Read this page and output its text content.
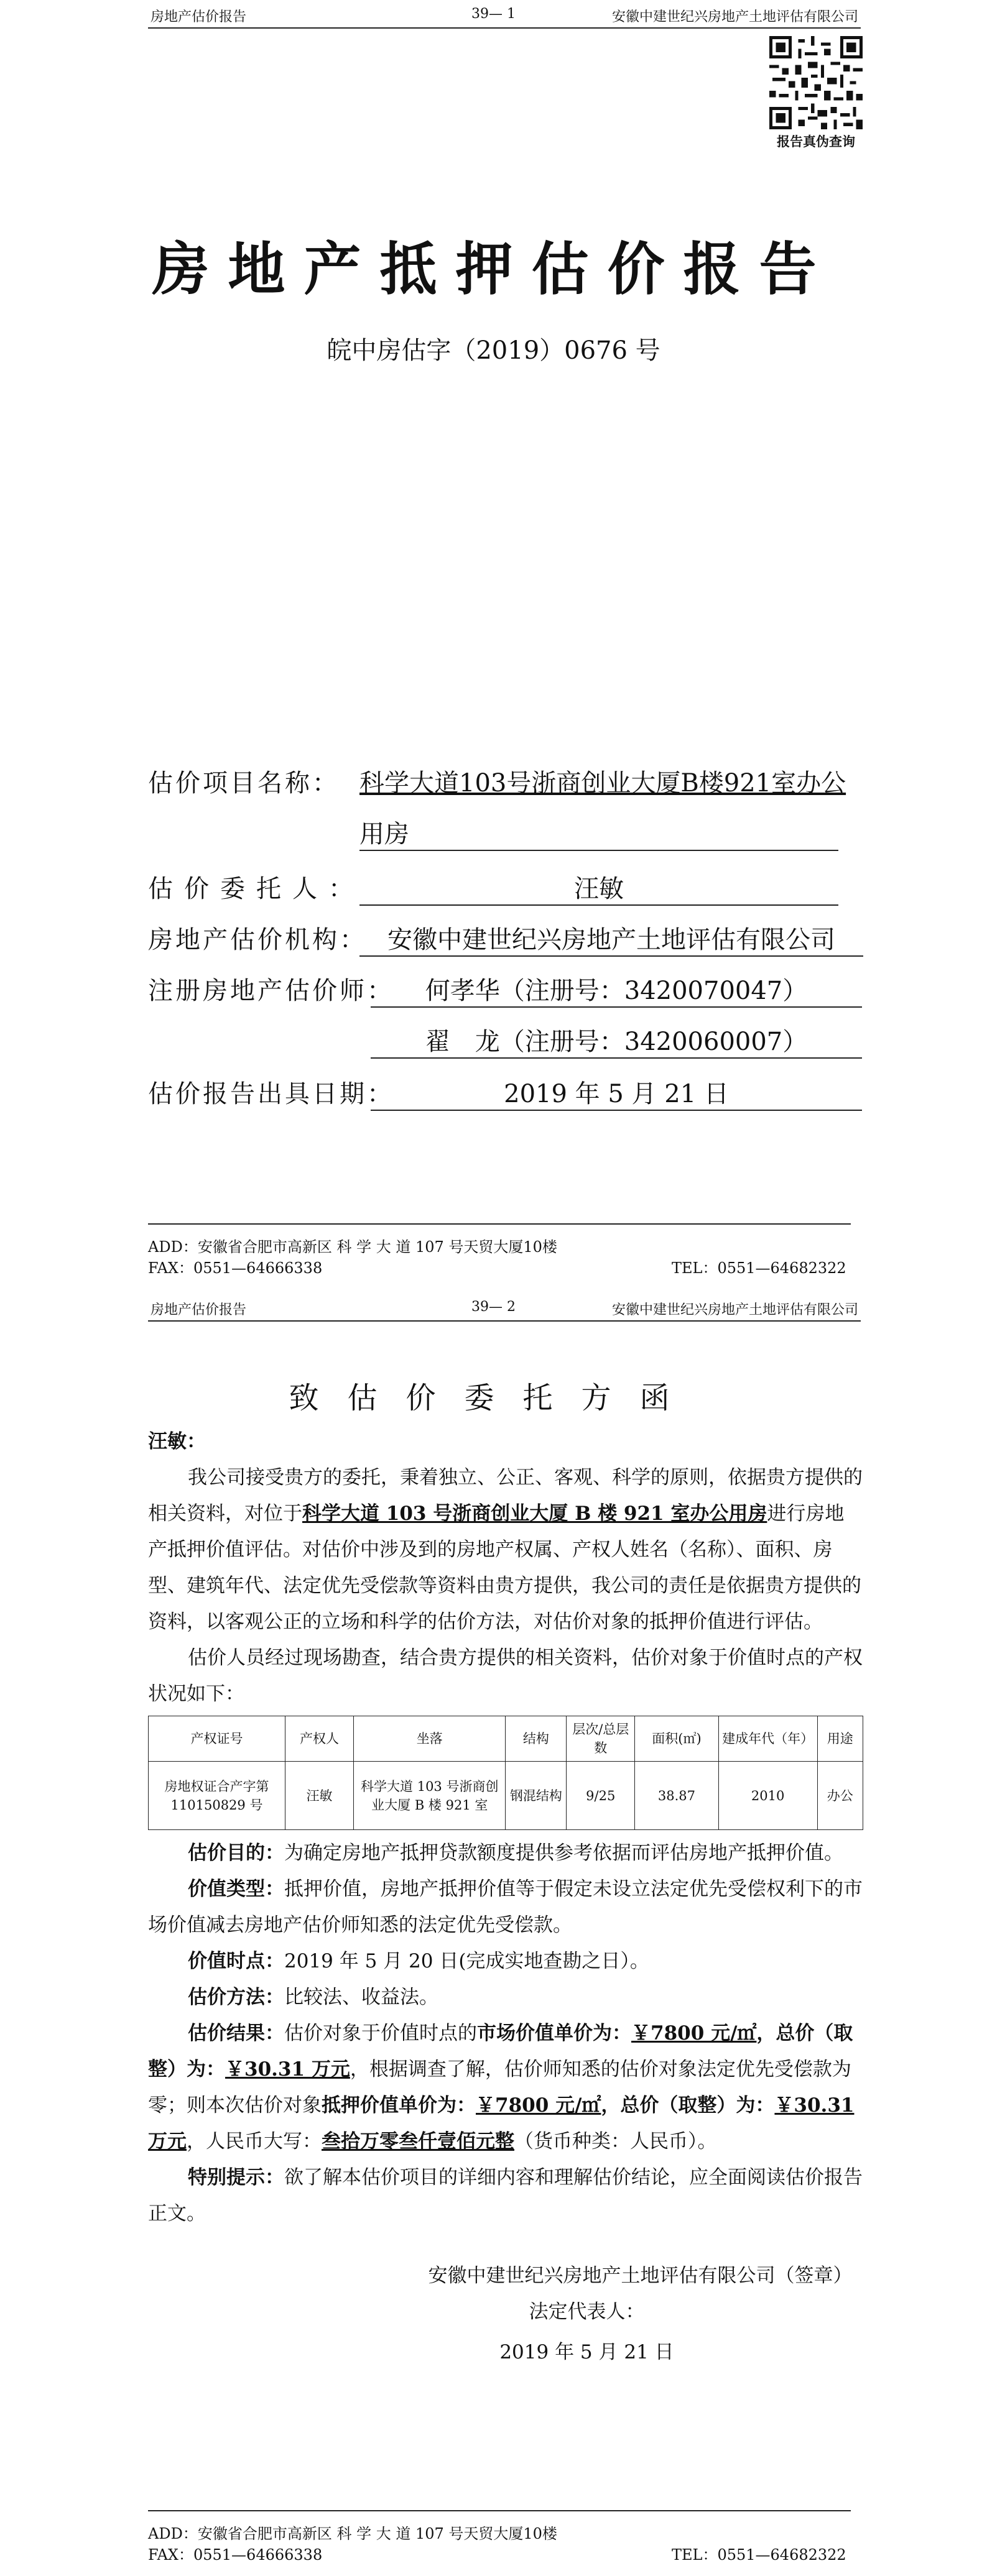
房地产估价报告	39— 1	安徽中建世纪兴房地产土地评估有限公司
报告真伪查询
房地产抵押估价报告
皖中房估字（2019）0676 号
估价项目名称： 科学大道103号浙商创业大厦B楼921室办公
用房
估价委托人：	汪敏
房地产估价机构： 安徽中建世纪兴房地产土地评估有限公司
注册房地产估价师：	何孝华（注册号：3420070047）
翟　龙（注册号：3420060007）
估价报告出具日期：	2019 年 5 月 21 日
ADD：安徽省合肥市高新区 科 学 大 道 107 号天贸大厦10楼
FAX：0551—64666338	TEL：0551—64682322
房地产估价报告	39— 2	安徽中建世纪兴房地产土地评估有限公司
致估价委托方函

汪敏：

我公司接受贵方的委托，秉着独立、公正、客观、科学的原则，依据贵方提供的相关资料，对位于科学大道 103 号浙商创业大厦 B 楼 921 室办公用房进行房地产抵押价值评估。对估价中涉及到的房地产权属、产权人姓名（名称）、面积、房型、建筑年代、法定优先受偿款等资料由贵方提供，我公司的责任是依据贵方提供的资料，以客观公正的立场和科学的估价方法，对估价对象的抵押价值进行评估。

估价人员经过现场勘查，结合贵方提供的相关资料，估价对象于价值时点的产权状况如下：

产权证号	产权人	坐落	结构	层次/总层数	面积(㎡)	建成年代（年）	用途
房地权证合产字第 110150829 号	汪敏	科学大道 103 号浙商创业大厦 B 楼 921 室	钢混结构	9/25	38.87	2010	办公

估价目的：为确定房地产抵押贷款额度提供参考依据而评估房地产抵押价值。

价值类型：抵押价值，房地产抵押价值等于假定未设立法定优先受偿权利下的市场价值减去房地产估价师知悉的法定优先受偿款。

价值时点：2019 年 5 月 20 日(完成实地查勘之日）。

估价方法：比较法、收益法。

估价结果：估价对象于价值时点的市场价值单价为：￥7800 元/㎡，总价（取整）为：￥30.31 万元，根据调查了解，估价师知悉的估价对象法定优先受偿款为零；则本次估价对象抵押价值单价为：￥7800 元/㎡，总价（取整）为：￥30.31 万元，人民币大写：叁拾万零叁仟壹佰元整（货币种类：人民币）。

特别提示：欲了解本估价项目的详细内容和理解估价结论，应全面阅读估价报告正文。

安徽中建世纪兴房地产土地评估有限公司（签章）
法定代表人：
2019 年 5 月 21 日
ADD：安徽省合肥市高新区 科 学 大 道 107 号天贸大厦10楼
FAX：0551—64666338	TEL：0551—64682322
